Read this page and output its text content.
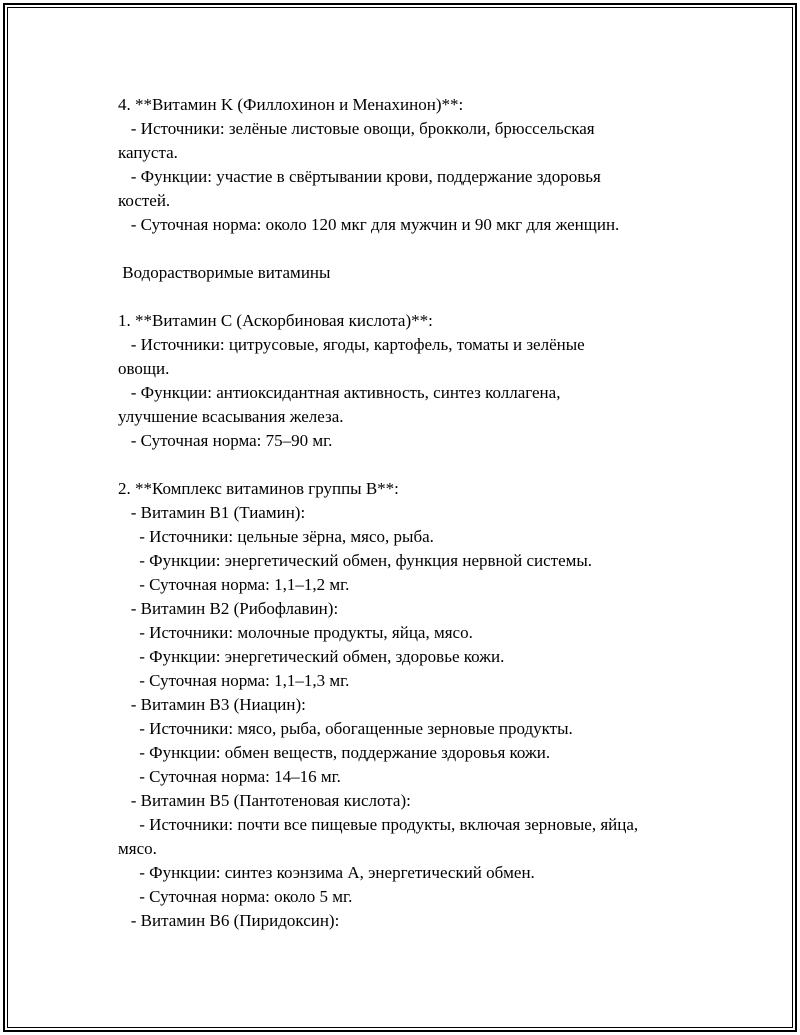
4. **Витамин K (Филлохинон и Менахинон)**:
- Источники: зелёные листовые овощи, брокколи, брюссельская
капуста.
- Функции: участие в свёртывании крови, поддержание здоровья
костей.
- Суточная норма: около 120 мкг для мужчин и 90 мкг для женщин.
Водорастворимые витамины
1. **Витамин C (Аскорбиновая кислота)**:
- Источники: цитрусовые, ягоды, картофель, томаты и зелёные
овощи.
- Функции: антиоксидантная активность, синтез коллагена,
улучшение всасывания железа.
- Суточная норма: 75–90 мг.
2. **Комплекс витаминов группы B**:
- Витамин B1 (Тиамин):
- Источники: цельные зёрна, мясо, рыба.
- Функции: энергетический обмен, функция нервной системы.
- Суточная норма: 1,1–1,2 мг.
- Витамин B2 (Рибофлавин):
- Источники: молочные продукты, яйца, мясо.
- Функции: энергетический обмен, здоровье кожи.
- Суточная норма: 1,1–1,3 мг.
- Витамин B3 (Ниацин):
- Источники: мясо, рыба, обогащенные зерновые продукты.
- Функции: обмен веществ, поддержание здоровья кожи.
- Суточная норма: 14–16 мг.
- Витамин B5 (Пантотеновая кислота):
- Источники: почти все пищевые продукты, включая зерновые, яйца,
мясо.
- Функции: синтез коэнзима A, энергетический обмен.
- Суточная норма: около 5 мг.
- Витамин B6 (Пиридоксин):
